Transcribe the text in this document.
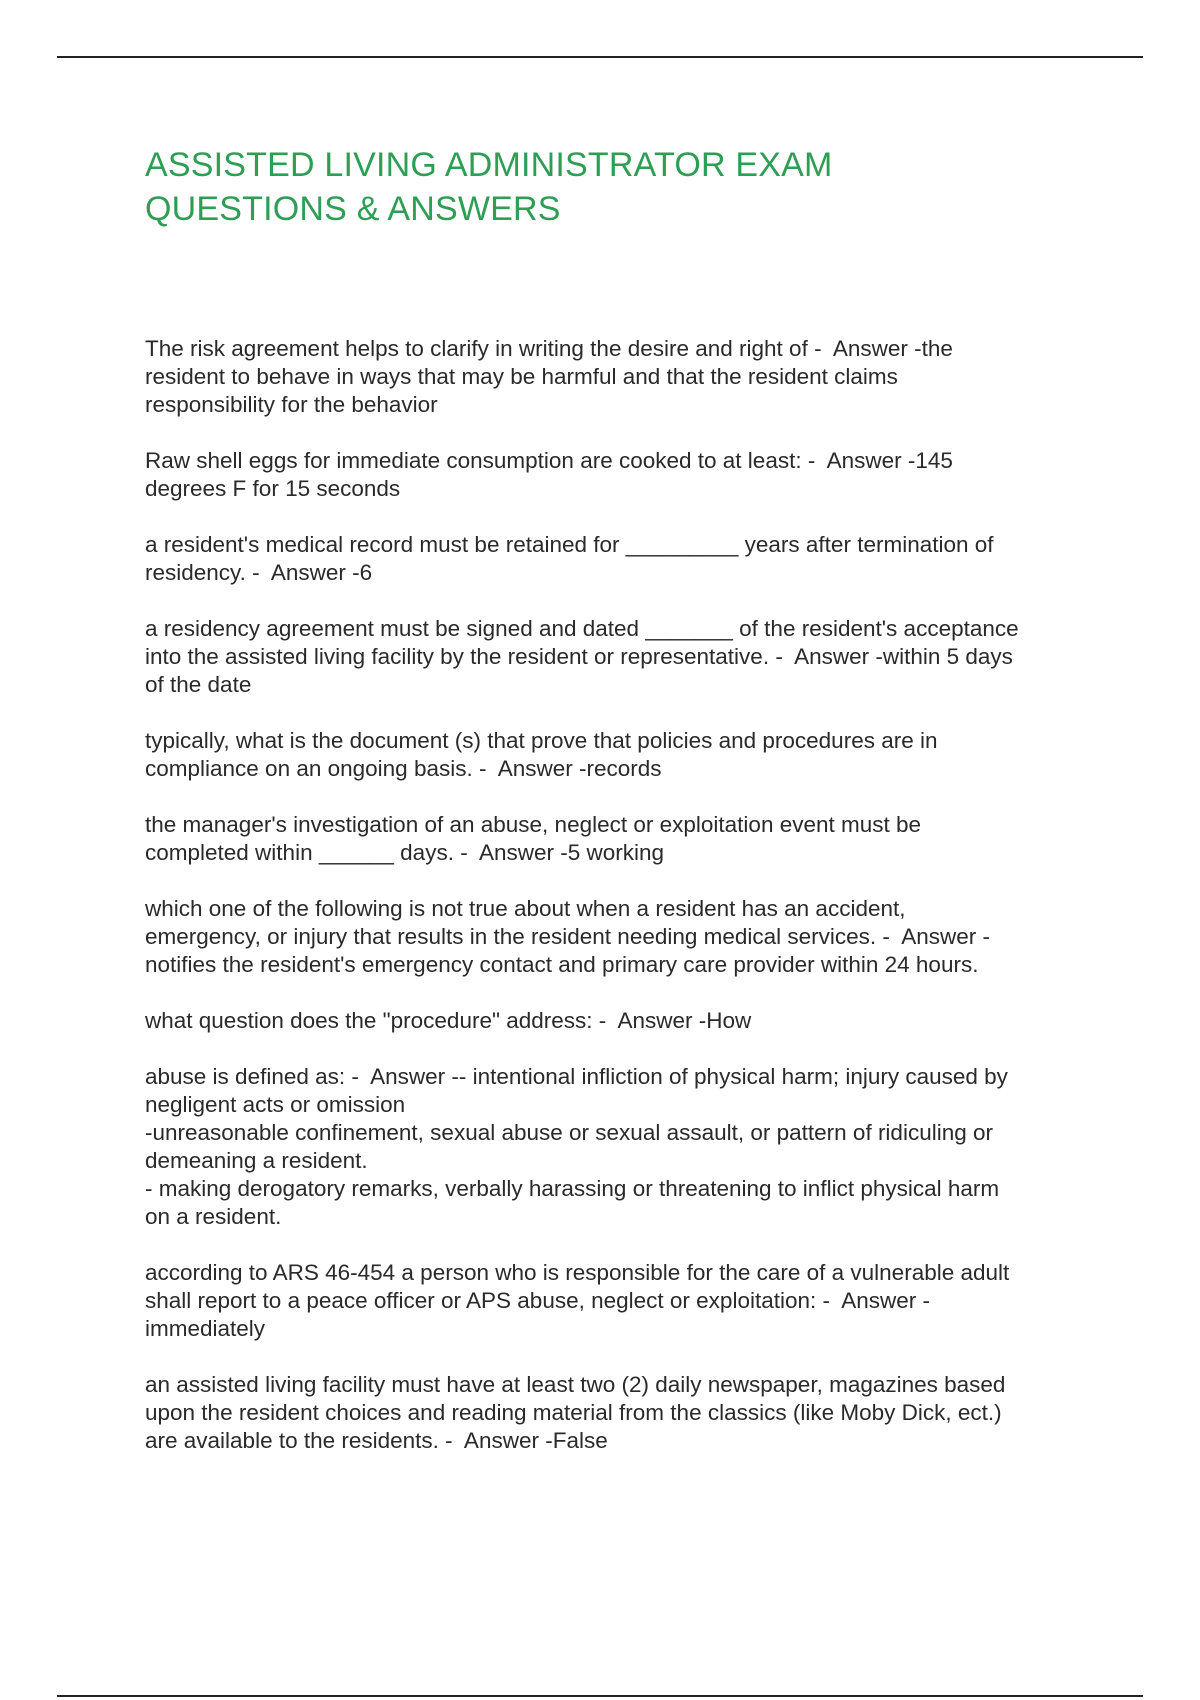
ASSISTED LIVING ADMINISTRATOR EXAM
QUESTIONS & ANSWERS
The risk agreement helps to clarify in writing the desire and right of -  Answer -the
resident to behave in ways that may be harmful and that the resident claims
responsibility for the behavior
Raw shell eggs for immediate consumption are cooked to at least: -  Answer -145
degrees F for 15 seconds
a resident's medical record must be retained for _________ years after termination of
residency. -  Answer -6
a residency agreement must be signed and dated _______ of the resident's acceptance
into the assisted living facility by the resident or representative. -  Answer -within 5 days
of the date
typically, what is the document (s) that prove that policies and procedures are in
compliance on an ongoing basis. -  Answer -records
the manager's investigation of an abuse, neglect or exploitation event must be
completed within ______ days. -  Answer -5 working
which one of the following is not true about when a resident has an accident,
emergency, or injury that results in the resident needing medical services. -  Answer -
notifies the resident's emergency contact and primary care provider within 24 hours.
what question does the "procedure" address: -  Answer -How
abuse is defined as: -  Answer -- intentional infliction of physical harm; injury caused by
negligent acts or omission
-unreasonable confinement, sexual abuse or sexual assault, or pattern of ridiculing or
demeaning a resident.
- making derogatory remarks, verbally harassing or threatening to inflict physical harm
on a resident.
according to ARS 46-454 a person who is responsible for the care of a vulnerable adult
shall report to a peace officer or APS abuse, neglect or exploitation: -  Answer -
immediately
an assisted living facility must have at least two (2) daily newspaper, magazines based
upon the resident choices and reading material from the classics (like Moby Dick, ect.)
are available to the residents. -  Answer -False
